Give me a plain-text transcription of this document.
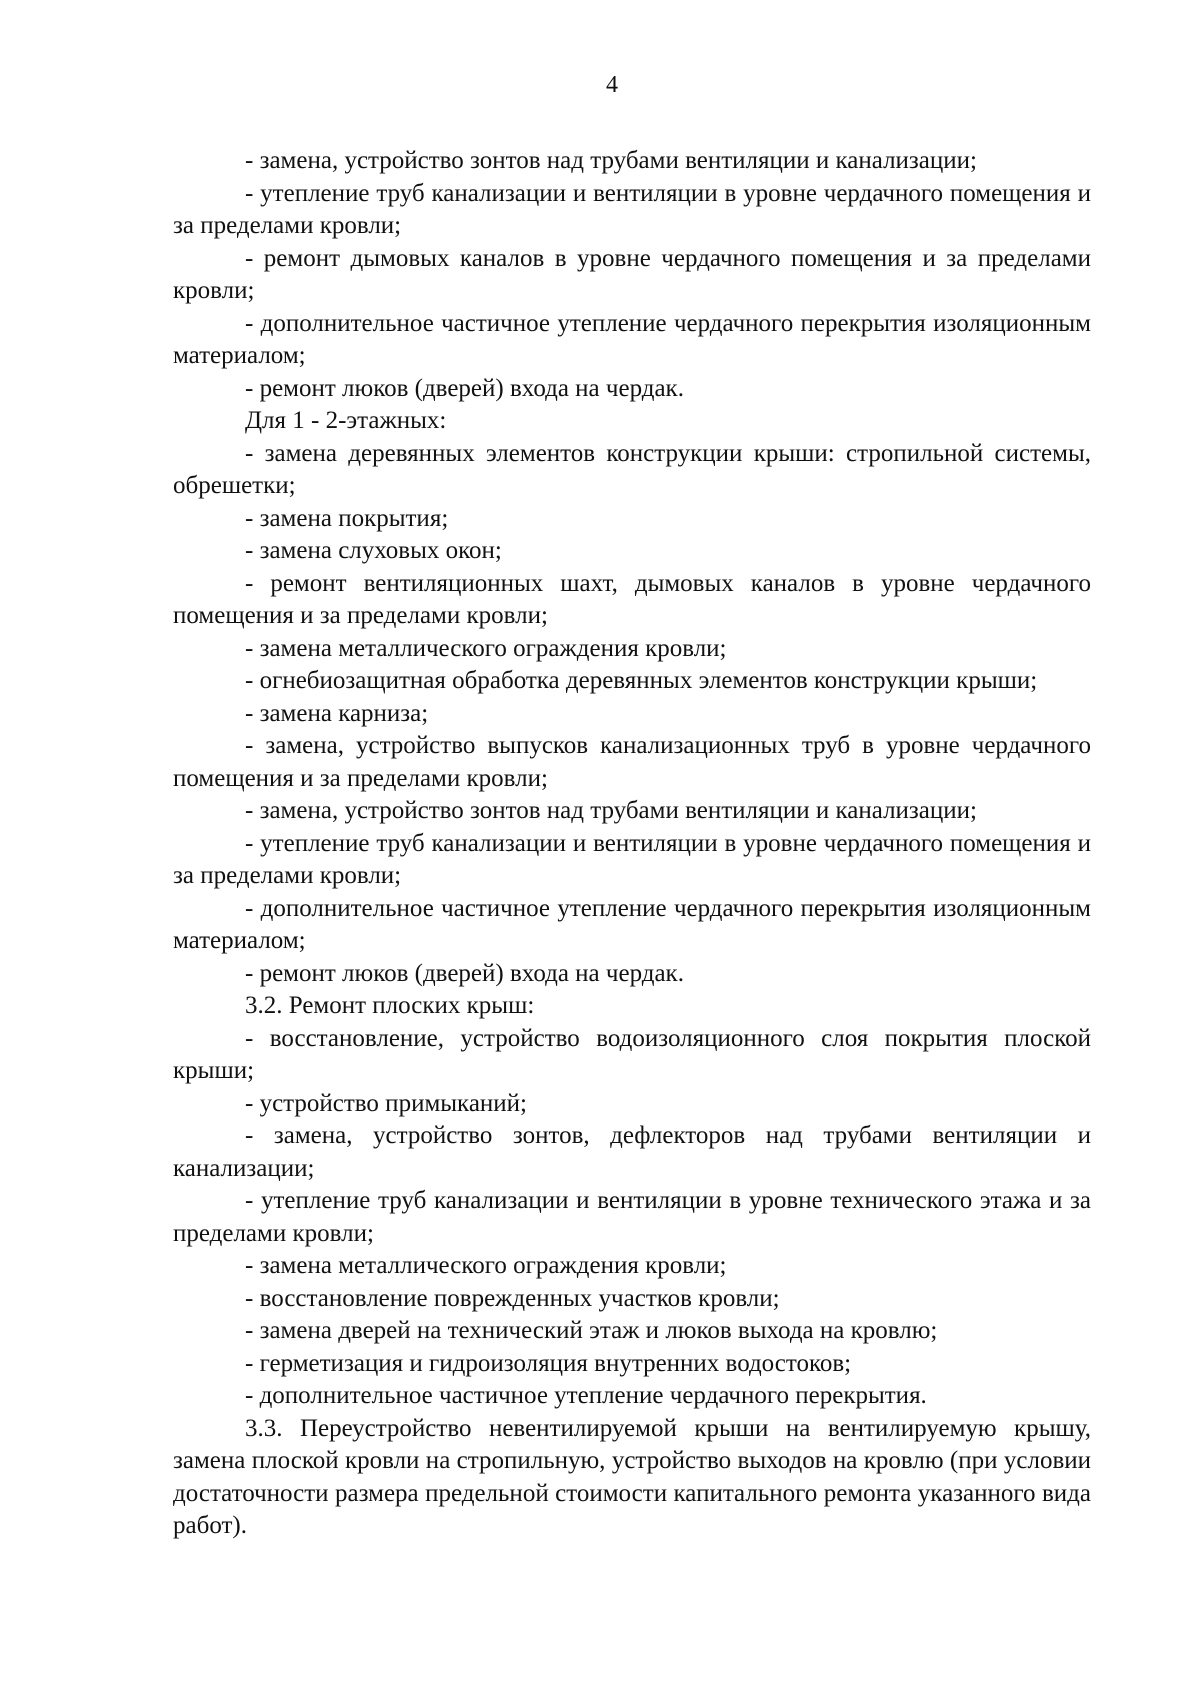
4

- замена, устройство зонтов над трубами вентиляции и канализации;

- утепление труб канализации и вентиляции в уровне чердачного помещения и за пределами кровли;

- ремонт дымовых каналов в уровне чердачного помещения и за пределами кровли;

- дополнительное частичное утепление чердачного перекрытия изоляционным материалом;

- ремонт люков (дверей) входа на чердак.

Для 1 - 2-этажных:

- замена деревянных элементов конструкции крыши: стропильной системы, обрешетки;

- замена покрытия;

- замена слуховых окон;

- ремонт вентиляционных шахт, дымовых каналов в уровне чердачного помещения и за пределами кровли;

- замена металлического ограждения кровли;

- огнебиозащитная обработка деревянных элементов конструкции крыши;

- замена карниза;

- замена, устройство выпусков канализационных труб в уровне чердачного помещения и за пределами кровли;

- замена, устройство зонтов над трубами вентиляции и канализации;

- утепление труб канализации и вентиляции в уровне чердачного помещения и за пределами кровли;

- дополнительное частичное утепление чердачного перекрытия изоляционным материалом;

- ремонт люков (дверей) входа на чердак.

3.2. Ремонт плоских крыш:

- восстановление, устройство водоизоляционного слоя покрытия плоской крыши;

- устройство примыканий;

- замена, устройство зонтов, дефлекторов над трубами вентиляции и канализации;

- утепление труб канализации и вентиляции в уровне технического этажа и за пределами кровли;

- замена металлического ограждения кровли;

- восстановление поврежденных участков кровли;

- замена дверей на технический этаж и люков выхода на кровлю;

- герметизация и гидроизоляция внутренних водостоков;

- дополнительное частичное утепление чердачного перекрытия.

3.3. Переустройство невентилируемой крыши на вентилируемую крышу, замена плоской кровли на стропильную, устройство выходов на кровлю (при условии достаточности размера предельной стоимости капитального ремонта указанного вида работ).
